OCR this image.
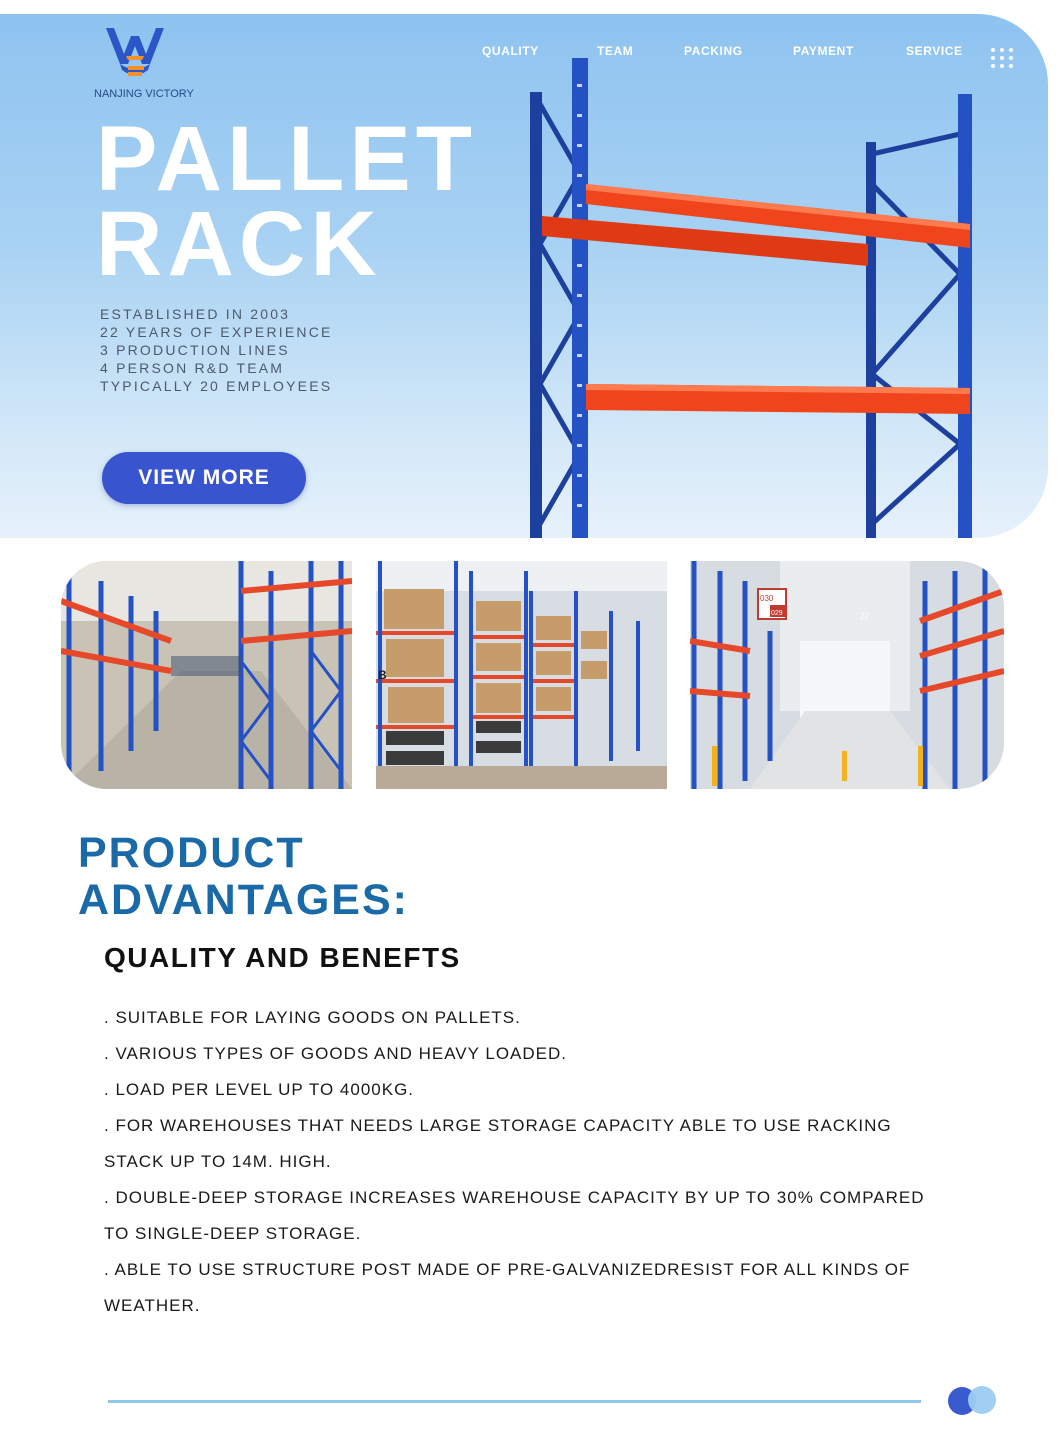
NANJING VICTORY
QUALITY	TEAM	PACKING	PAYMENT	SERVICE
PALLET
RACK
ESTABLISHED IN 2003
22 YEARS OF EXPERIENCE
3 PRODUCTION LINES
4 PERSON R&D TEAM
TYPICALLY 20 EMPLOYEES
VIEW MORE
B
030
029	27
PRODUCT
ADVANTAGES:
QUALITY AND BENEFTS
. SUITABLE FOR LAYING GOODS ON PALLETS.
. VARIOUS TYPES OF GOODS AND HEAVY LOADED.
. LOAD PER LEVEL UP TO 4000KG.
. FOR WAREHOUSES THAT NEEDS LARGE STORAGE CAPACITY ABLE TO USE RACKING
STACK UP TO 14M. HIGH.
. DOUBLE-DEEP STORAGE INCREASES WAREHOUSE CAPACITY BY UP TO 30% COMPARED
TO SINGLE-DEEP STORAGE.
. ABLE TO USE STRUCTURE POST MADE OF PRE-GALVANIZEDRESIST FOR ALL KINDS OF
WEATHER.
